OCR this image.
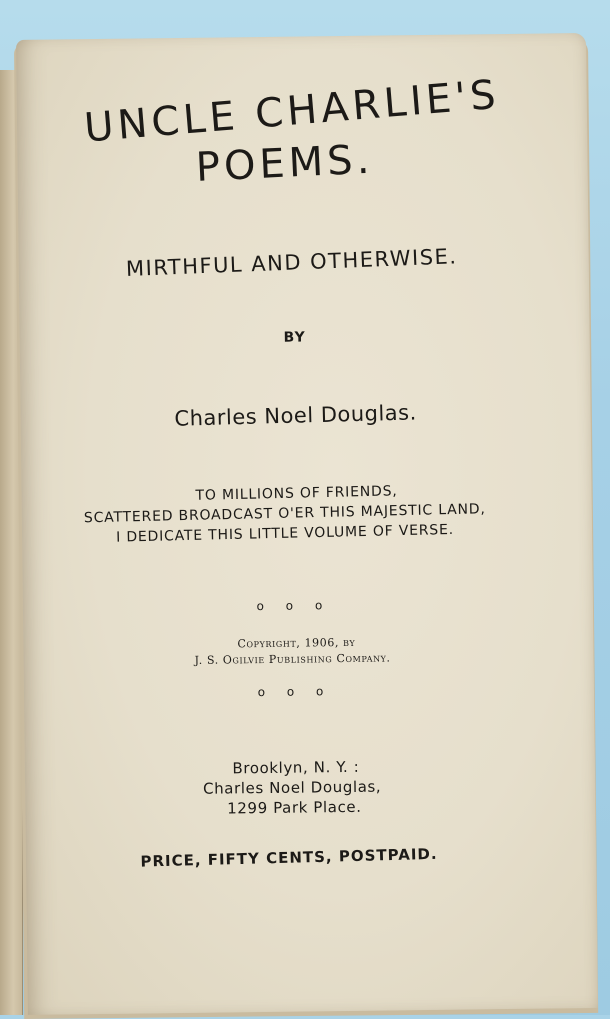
UNCLE CHARLIE'S
POEMS.
MIRTHFUL AND OTHERWISE.
BY
Charles Noel Douglas.
TO MILLIONS OF FRIENDS,
SCATTERED BROADCAST O'ER THIS MAJESTIC LAND,
I DEDICATE THIS LITTLE VOLUME OF VERSE.
o o o
Copyright, 1906, by
J. S. Ogilvie Publishing Company.
o o o
Brooklyn, N. Y. :
Charles Noel Douglas,
1299 Park Place.
PRICE, FIFTY CENTS, POSTPAID.
